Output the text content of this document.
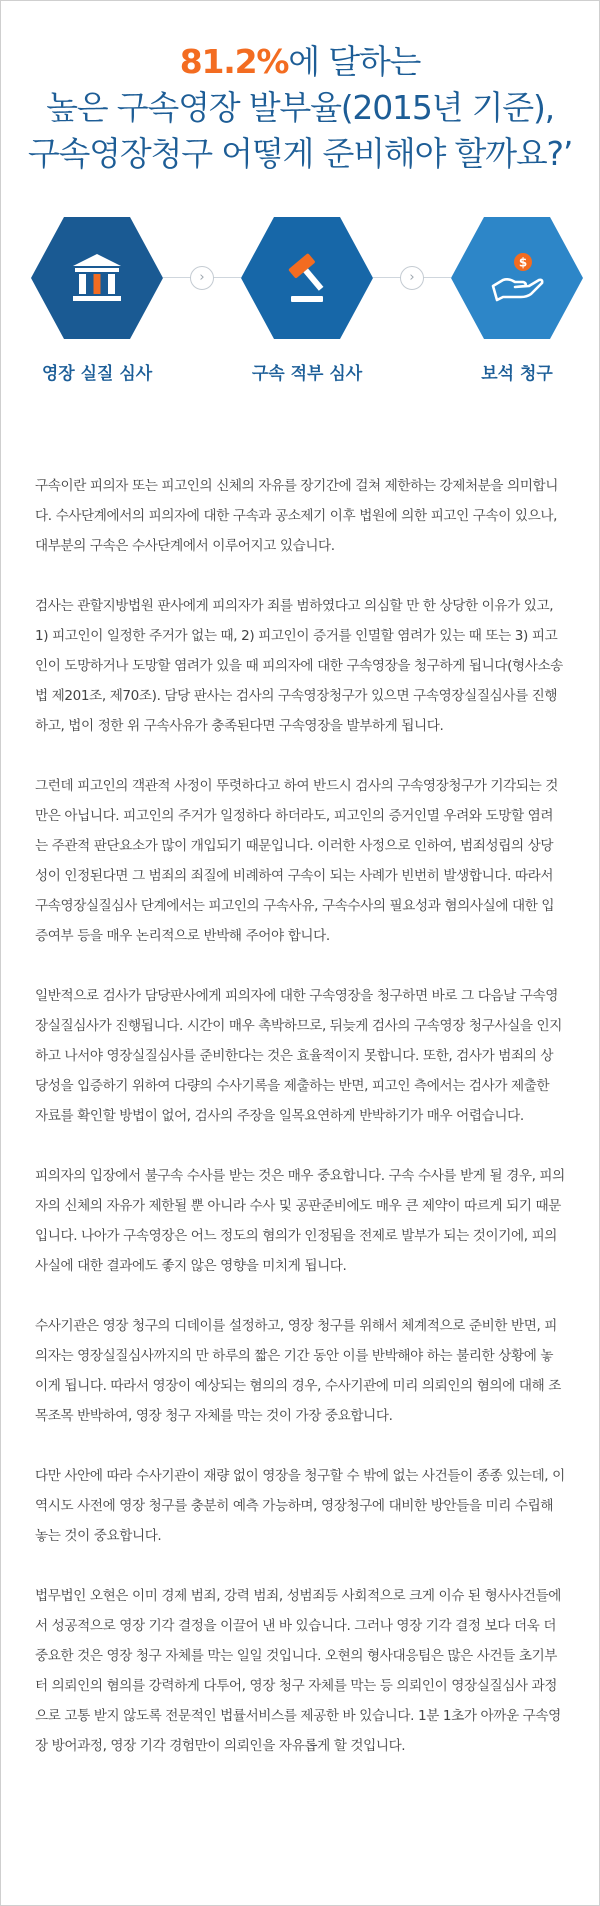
81.2%에 달하는
높은 구속영장 발부율(2015년 기준),
구속영장청구 어떻게 준비해야 할까요?’
›	›
$
영장 실질 심사	구속 적부 심사	보석 청구

구속이란 피의자 또는 피고인의 신체의 자유를 장기간에 걸쳐 제한하는 강제처분을 의미합니다. 수사단계에서의 피의자에 대한 구속과 공소제기 이후 법원에 의한 피고인 구속이 있으나, 대부분의 구속은 수사단계에서 이루어지고 있습니다.

검사는 관할지방법원 판사에게 피의자가 죄를 범하였다고 의심할 만 한 상당한 이유가 있고, 1) 피고인이 일정한 주거가 없는 때, 2) 피고인이 증거를 인멸할 염려가 있는 때 또는 3) 피고인이 도망하거나 도망할 염려가 있을 때 피의자에 대한 구속영장을 청구하게 됩니다(형사소송법 제201조, 제70조). 담당 판사는 검사의 구속영장청구가 있으면 구속영장실질심사를 진행하고, 법이 정한 위 구속사유가 충족된다면 구속영장을 발부하게 됩니다.

그런데 피고인의 객관적 사정이 뚜렷하다고 하여 반드시 검사의 구속영장청구가 기각되는 것만은 아닙니다. 피고인의 주거가 일정하다 하더라도, 피고인의 증거인멸 우려와 도망할 염려는 주관적 판단요소가 많이 개입되기 때문입니다. 이러한 사정으로 인하여, 범죄성립의 상당성이 인정된다면 그 범죄의 죄질에 비례하여 구속이 되는 사례가 빈번히 발생합니다. 따라서 구속영장실질심사 단계에서는 피고인의 구속사유, 구속수사의 필요성과 혐의사실에 대한 입증여부 등을 매우 논리적으로 반박해 주어야 합니다.

일반적으로 검사가 담당판사에게 피의자에 대한 구속영장을 청구하면 바로 그 다음날 구속영장실질심사가 진행됩니다. 시간이 매우 촉박하므로, 뒤늦게 검사의 구속영장 청구사실을 인지하고 나서야 영장실질심사를 준비한다는 것은 효율적이지 못합니다. 또한, 검사가 범죄의 상당성을 입증하기 위하여 다량의 수사기록을 제출하는 반면, 피고인 측에서는 검사가 제출한 자료를 확인할 방법이 없어, 검사의 주장을 일목요연하게 반박하기가 매우 어렵습니다.

피의자의 입장에서 불구속 수사를 받는 것은 매우 중요합니다. 구속 수사를 받게 될 경우, 피의자의 신체의 자유가 제한될 뿐 아니라 수사 및 공판준비에도 매우 큰 제약이 따르게 되기 때문입니다. 나아가 구속영장은 어느 정도의 혐의가 인정됨을 전제로 발부가 되는 것이기에, 피의사실에 대한 결과에도 좋지 않은 영향을 미치게 됩니다.

수사기관은 영장 청구의 디데이를 설정하고, 영장 청구를 위해서 체계적으로 준비한 반면, 피의자는 영장실질심사까지의 만 하루의 짧은 기간 동안 이를 반박해야 하는 불리한 상황에 놓이게 됩니다. 따라서 영장이 예상되는 혐의의 경우, 수사기관에 미리 의뢰인의 혐의에 대해 조목조목 반박하여, 영장 청구 자체를 막는 것이 가장 중요합니다.

다만 사안에 따라 수사기관이 재량 없이 영장을 청구할 수 밖에 없는 사건들이 종종 있는데, 이 역시도 사전에 영장 청구를 충분히 예측 가능하며, 영장청구에 대비한 방안들을 미리 수립해 놓는 것이 중요합니다.

법무법인 오현은 이미 경제 범죄, 강력 범죄, 성범죄등 사회적으로 크게 이슈 된 형사사건들에서 성공적으로 영장 기각 결정을 이끌어 낸 바 있습니다. 그러나 영장 기각 결정 보다 더욱 더 중요한 것은 영장 청구 자체를 막는 일일 것입니다. 오현의 형사대응팀은 많은 사건들 초기부터 의뢰인의 혐의를 강력하게 다투어, 영장 청구 자체를 막는 등 의뢰인이 영장실질심사 과정으로 고통 받지 않도록 전문적인 법률서비스를 제공한 바 있습니다. 1분 1초가 아까운 구속영장 방어과정, 영장 기각 경험만이 의뢰인을 자유롭게 할 것입니다.
